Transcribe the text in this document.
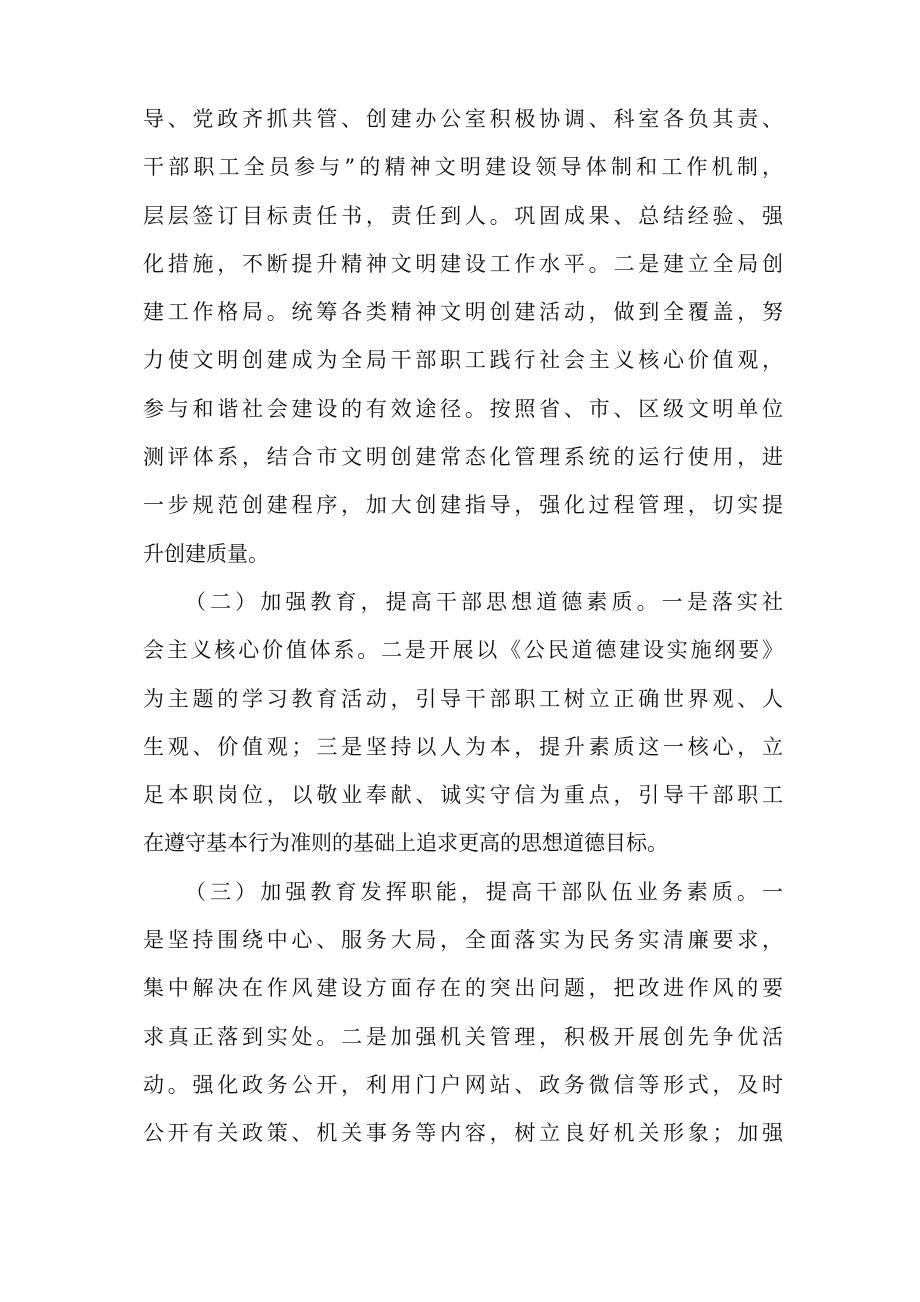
导、党政齐抓共管、创建办公室积极协调、科室各负其责、
干部职工全员参与”的精神文明建设领导体制和工作机制，
层层签订目标责任书，责任到人。巩固成果、总结经验、强
化措施，不断提升精神文明建设工作水平。二是建立全局创
建工作格局。统筹各类精神文明创建活动，做到全覆盖，努
力使文明创建成为全局干部职工践行社会主义核心价值观，
参与和谐社会建设的有效途径。按照省、市、区级文明单位
测评体系，结合市文明创建常态化管理系统的运行使用，进
一步规范创建程序，加大创建指导，强化过程管理，切实提
升创建质量。
（二）加强教育，提高干部思想道德素质。一是落实社
会主义核心价值体系。二是开展以《公民道德建设实施纲要》
为主题的学习教育活动，引导干部职工树立正确世界观、人
生观、价值观；三是坚持以人为本，提升素质这一核心，立
足本职岗位，以敬业奉献、诚实守信为重点，引导干部职工
在遵守基本行为准则的基础上追求更高的思想道德目标。
（三）加强教育发挥职能，提高干部队伍业务素质。一
是坚持围绕中心、服务大局，全面落实为民务实清廉要求，
集中解决在作风建设方面存在的突出问题，把改进作风的要
求真正落到实处。二是加强机关管理，积极开展创先争优活
动。强化政务公开，利用门户网站、政务微信等形式，及时
公开有关政策、机关事务等内容，树立良好机关形象；加强
